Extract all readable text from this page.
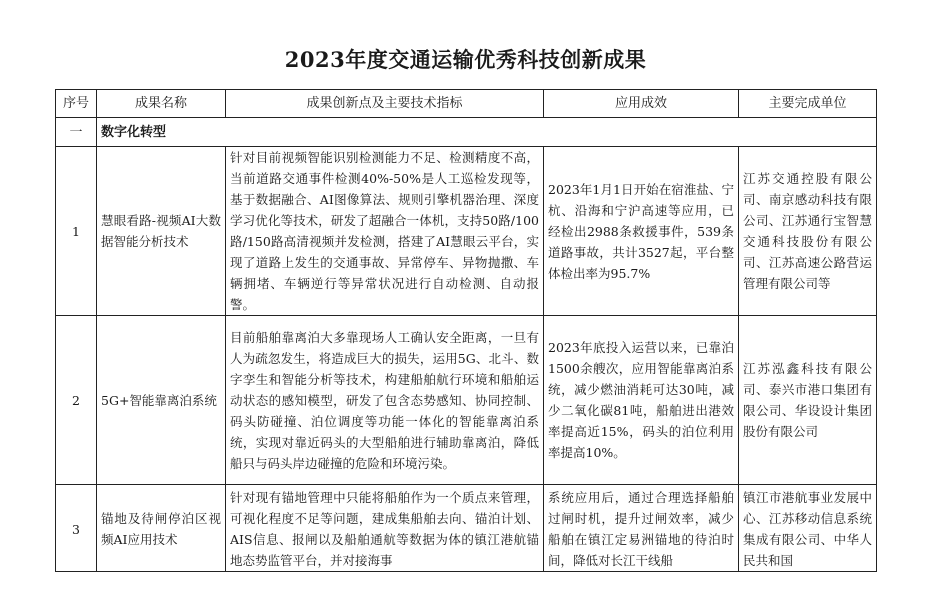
2023年度交通运输优秀科技创新成果
序号	成果名称	成果创新点及主要技术指标	应用成效	主要完成单位
一	数字化转型			
1	慧眼看路-视频AI大数据智能分析技术	针对目前视频智能识别检测能力不足、检测精度不高，当前道路交通事件检测40%-50%是人工巡检发现等，基于数据融合、AI图像算法、规则引擎机器治理、深度学习优化等技术，研发了超融合一体机，支持50路/100路/150路高清视频并发检测，搭建了AI慧眼云平台，实现了道路上发生的交通事故、异常停车、异物抛撒、车辆拥堵、车辆逆行等异常状况进行自动检测、自动报警。	2023年1月1日开始在宿淮盐、宁杭、沿海和宁沪高速等应用，已经检出2988条救援事件，539条道路事故，共计3527起，平台整体检出率为95.7%	江苏交通控股有限公司、南京感动科技有限公司、江苏通行宝智慧交通科技股份有限公司、江苏高速公路营运管理有限公司等
2	5G+智能靠离泊系统	目前船舶靠离泊大多靠现场人工确认安全距离，一旦有人为疏忽发生，将造成巨大的损失，运用5G、北斗、数字孪生和智能分析等技术，构建船舶航行环境和船舶运动状态的感知模型，研发了包含态势感知、协同控制、码头防碰撞、泊位调度等功能一体化的智能靠离泊系统，实现对靠近码头的大型船舶进行辅助靠离泊，降低船只与码头岸边碰撞的危险和环境污染。	2023年底投入运营以来，已靠泊1500余艘次，应用智能靠离泊系统，减少燃油消耗可达30吨，减少二氧化碳81吨，船舶进出港效率提高近15%，码头的泊位利用率提高10%。	江苏泓鑫科技有限公司、泰兴市港口集团有限公司、华设设计集团股份有限公司
3	锚地及待闸停泊区视频AI应用技术	针对现有锚地管理中只能将船舶作为一个质点来管理，可视化程度不足等问题，建成集船舶去向、锚泊计划、AIS信息、报闸以及船舶通航等数据为体的镇江港航锚地态势监管平台，并对接海事	系统应用后，通过合理选择船舶过闸时机，提升过闸效率，减少船舶在镇江定易洲锚地的待泊时间，降低对长江干线船	镇江市港航事业发展中心、江苏移动信息系统集成有限公司、中华人民共和国
